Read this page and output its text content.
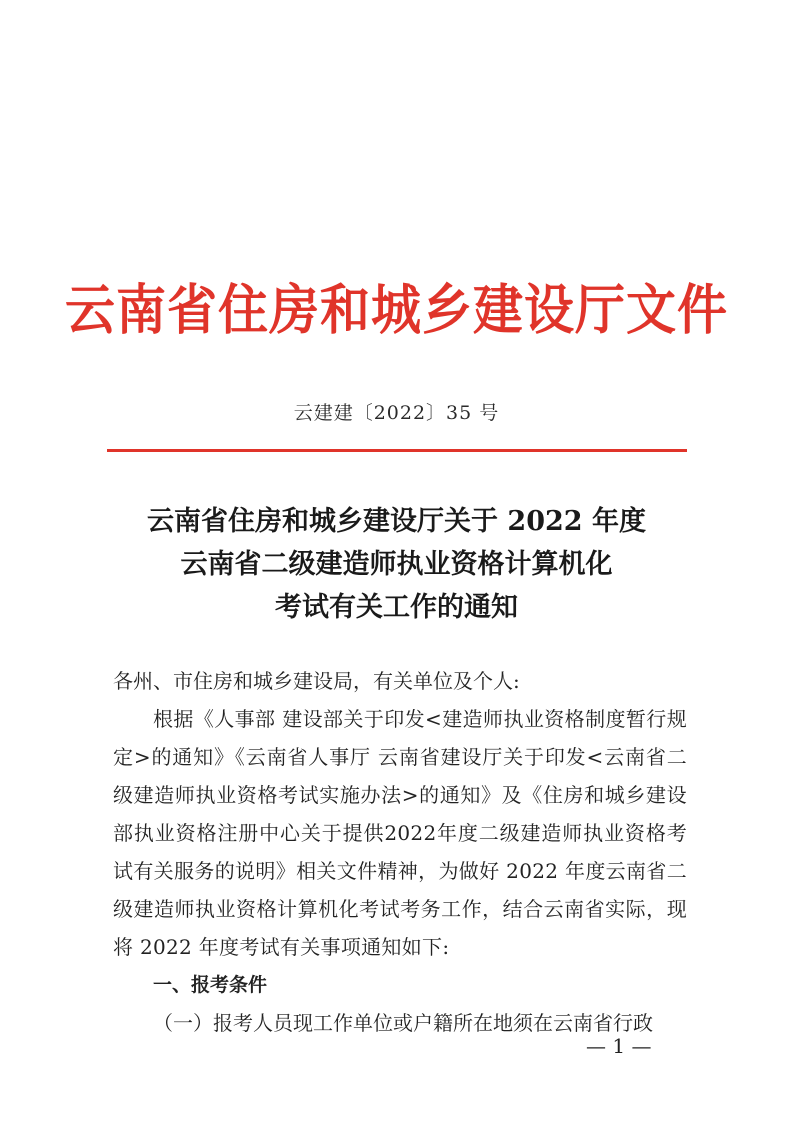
云南省住房和城乡建设厅文件
云建建〔2022〕35 号
云南省住房和城乡建设厅关于 2022 年度
云南省二级建造师执业资格计算机化
考试有关工作的通知

各州、市住房和城乡建设局，有关单位及个人:

根据《人事部 建设部关于印发<建造师执业资格制度暂行规定>的通知》《云南省人事厅 云南省建设厅关于印发<云南省二级建造师执业资格考试实施办法>的通知》及《住房和城乡建设部执业资格注册中心关于提供2022年度二级建造师执业资格考试有关服务的说明》相关文件精神，为做好 2022 年度云南省二级建造师执业资格计算机化考试考务工作，结合云南省实际，现将 2022 年度考试有关事项通知如下:

一、报考条件

（一）报考人员现工作单位或户籍所在地须在云南省行政

— 1 —
